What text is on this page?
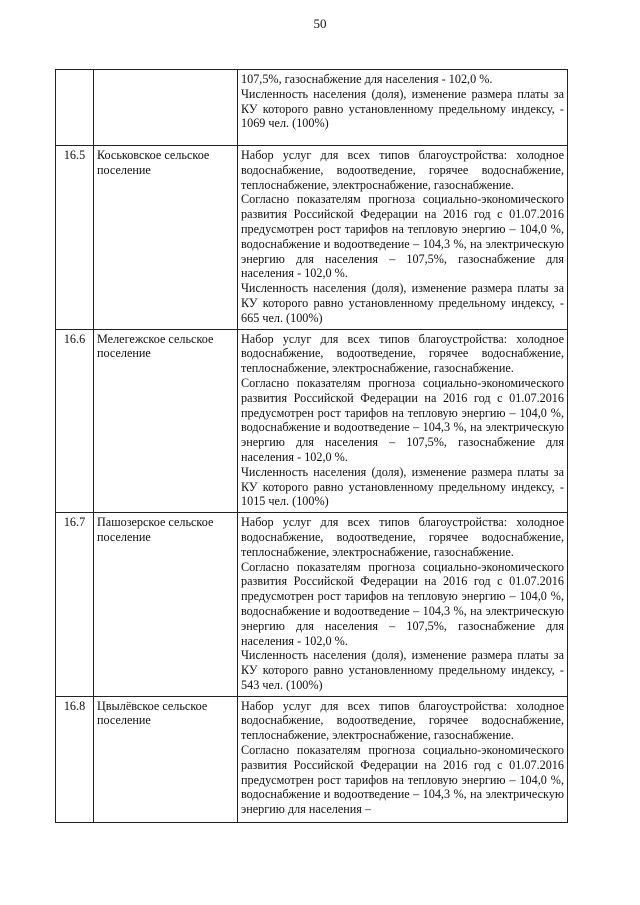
50

		107,5%, газоснабжение для населения - 102,0 %.
Численность населения (доля), изменение размера платы за КУ которого равно установленному предельному индексу, - 1069 чел. (100%)

16.5	Коськовское сельское поселение	Набор услуг для всех типов благоустройства: холодное водоснабжение, водоотведение, горячее водоснабжение, теплоснабжение, электроснабжение, газоснабжение.
Согласно показателям прогноза социально-экономического развития Российской Федерации на 2016 год с 01.07.2016 предусмотрен рост тарифов на тепловую энергию – 104,0 %, водоснабжение и водоотведение – 104,3 %, на электрическую энергию для населения – 107,5%, газоснабжение для населения - 102,0 %.
Численность населения (доля), изменение размера платы за КУ которого равно установленному предельному индексу, - 665 чел. (100%)

16.6	Мелегежское сельское поселение	Набор услуг для всех типов благоустройства: холодное водоснабжение, водоотведение, горячее водоснабжение, теплоснабжение, электроснабжение, газоснабжение.
Согласно показателям прогноза социально-экономического развития Российской Федерации на 2016 год с 01.07.2016 предусмотрен рост тарифов на тепловую энергию – 104,0 %, водоснабжение и водоотведение – 104,3 %, на электрическую энергию для населения – 107,5%, газоснабжение для населения - 102,0 %.
Численность населения (доля), изменение размера платы за КУ которого равно установленному предельному индексу, - 1015 чел. (100%)

16.7	Пашозерское сельское поселение	Набор услуг для всех типов благоустройства: холодное водоснабжение, водоотведение, горячее водоснабжение, теплоснабжение, электроснабжение, газоснабжение.
Согласно показателям прогноза социально-экономического развития Российской Федерации на 2016 год с 01.07.2016 предусмотрен рост тарифов на тепловую энергию – 104,0 %, водоснабжение и водоотведение – 104,3 %, на электрическую энергию для населения – 107,5%, газоснабжение для населения - 102,0 %.
Численность населения (доля), изменение размера платы за КУ которого равно установленному предельному индексу, - 543 чел. (100%)

16.8	Цвылёвское сельское поселение	Набор услуг для всех типов благоустройства: холодное водоснабжение, водоотведение, горячее водоснабжение, теплоснабжение, электроснабжение, газоснабжение.
Согласно показателям прогноза социально-экономического развития Российской Федерации на 2016 год с 01.07.2016 предусмотрен рост тарифов на тепловую энергию – 104,0 %, водоснабжение и водоотведение – 104,3 %, на электрическую энергию для населения –
